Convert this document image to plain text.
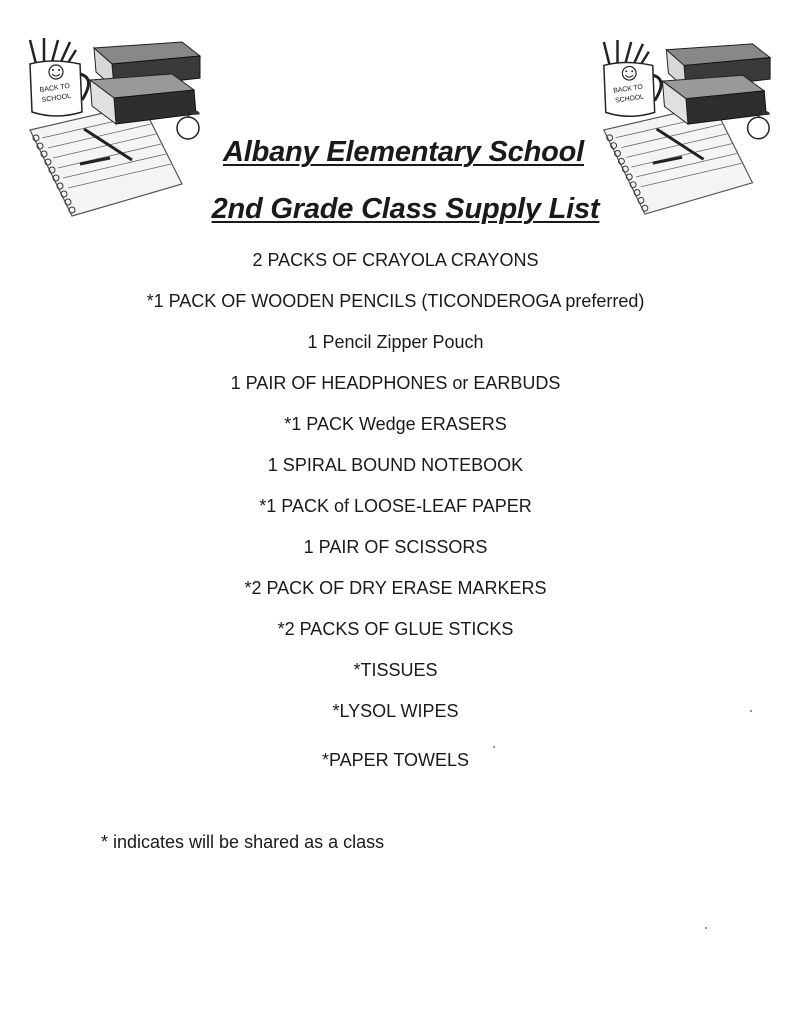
BACK TO
SCHOOL
BACK TO
SCHOOL
Albany Elementary School
2nd Grade Class Supply List
2 PACKS OF CRAYOLA CRAYONS
*1 PACK OF WOODEN PENCILS (TICONDEROGA preferred)
1 Pencil Zipper Pouch
1 PAIR OF HEADPHONES or EARBUDS
*1 PACK Wedge ERASERS
1 SPIRAL BOUND NOTEBOOK
*1 PACK of LOOSE-LEAF PAPER
1 PAIR OF SCISSORS
*2 PACK OF DRY ERASE MARKERS
*2 PACKS OF GLUE STICKS
*TISSUES
*LYSOL WIPES
*PAPER TOWELS

* indicates will be shared as a class
